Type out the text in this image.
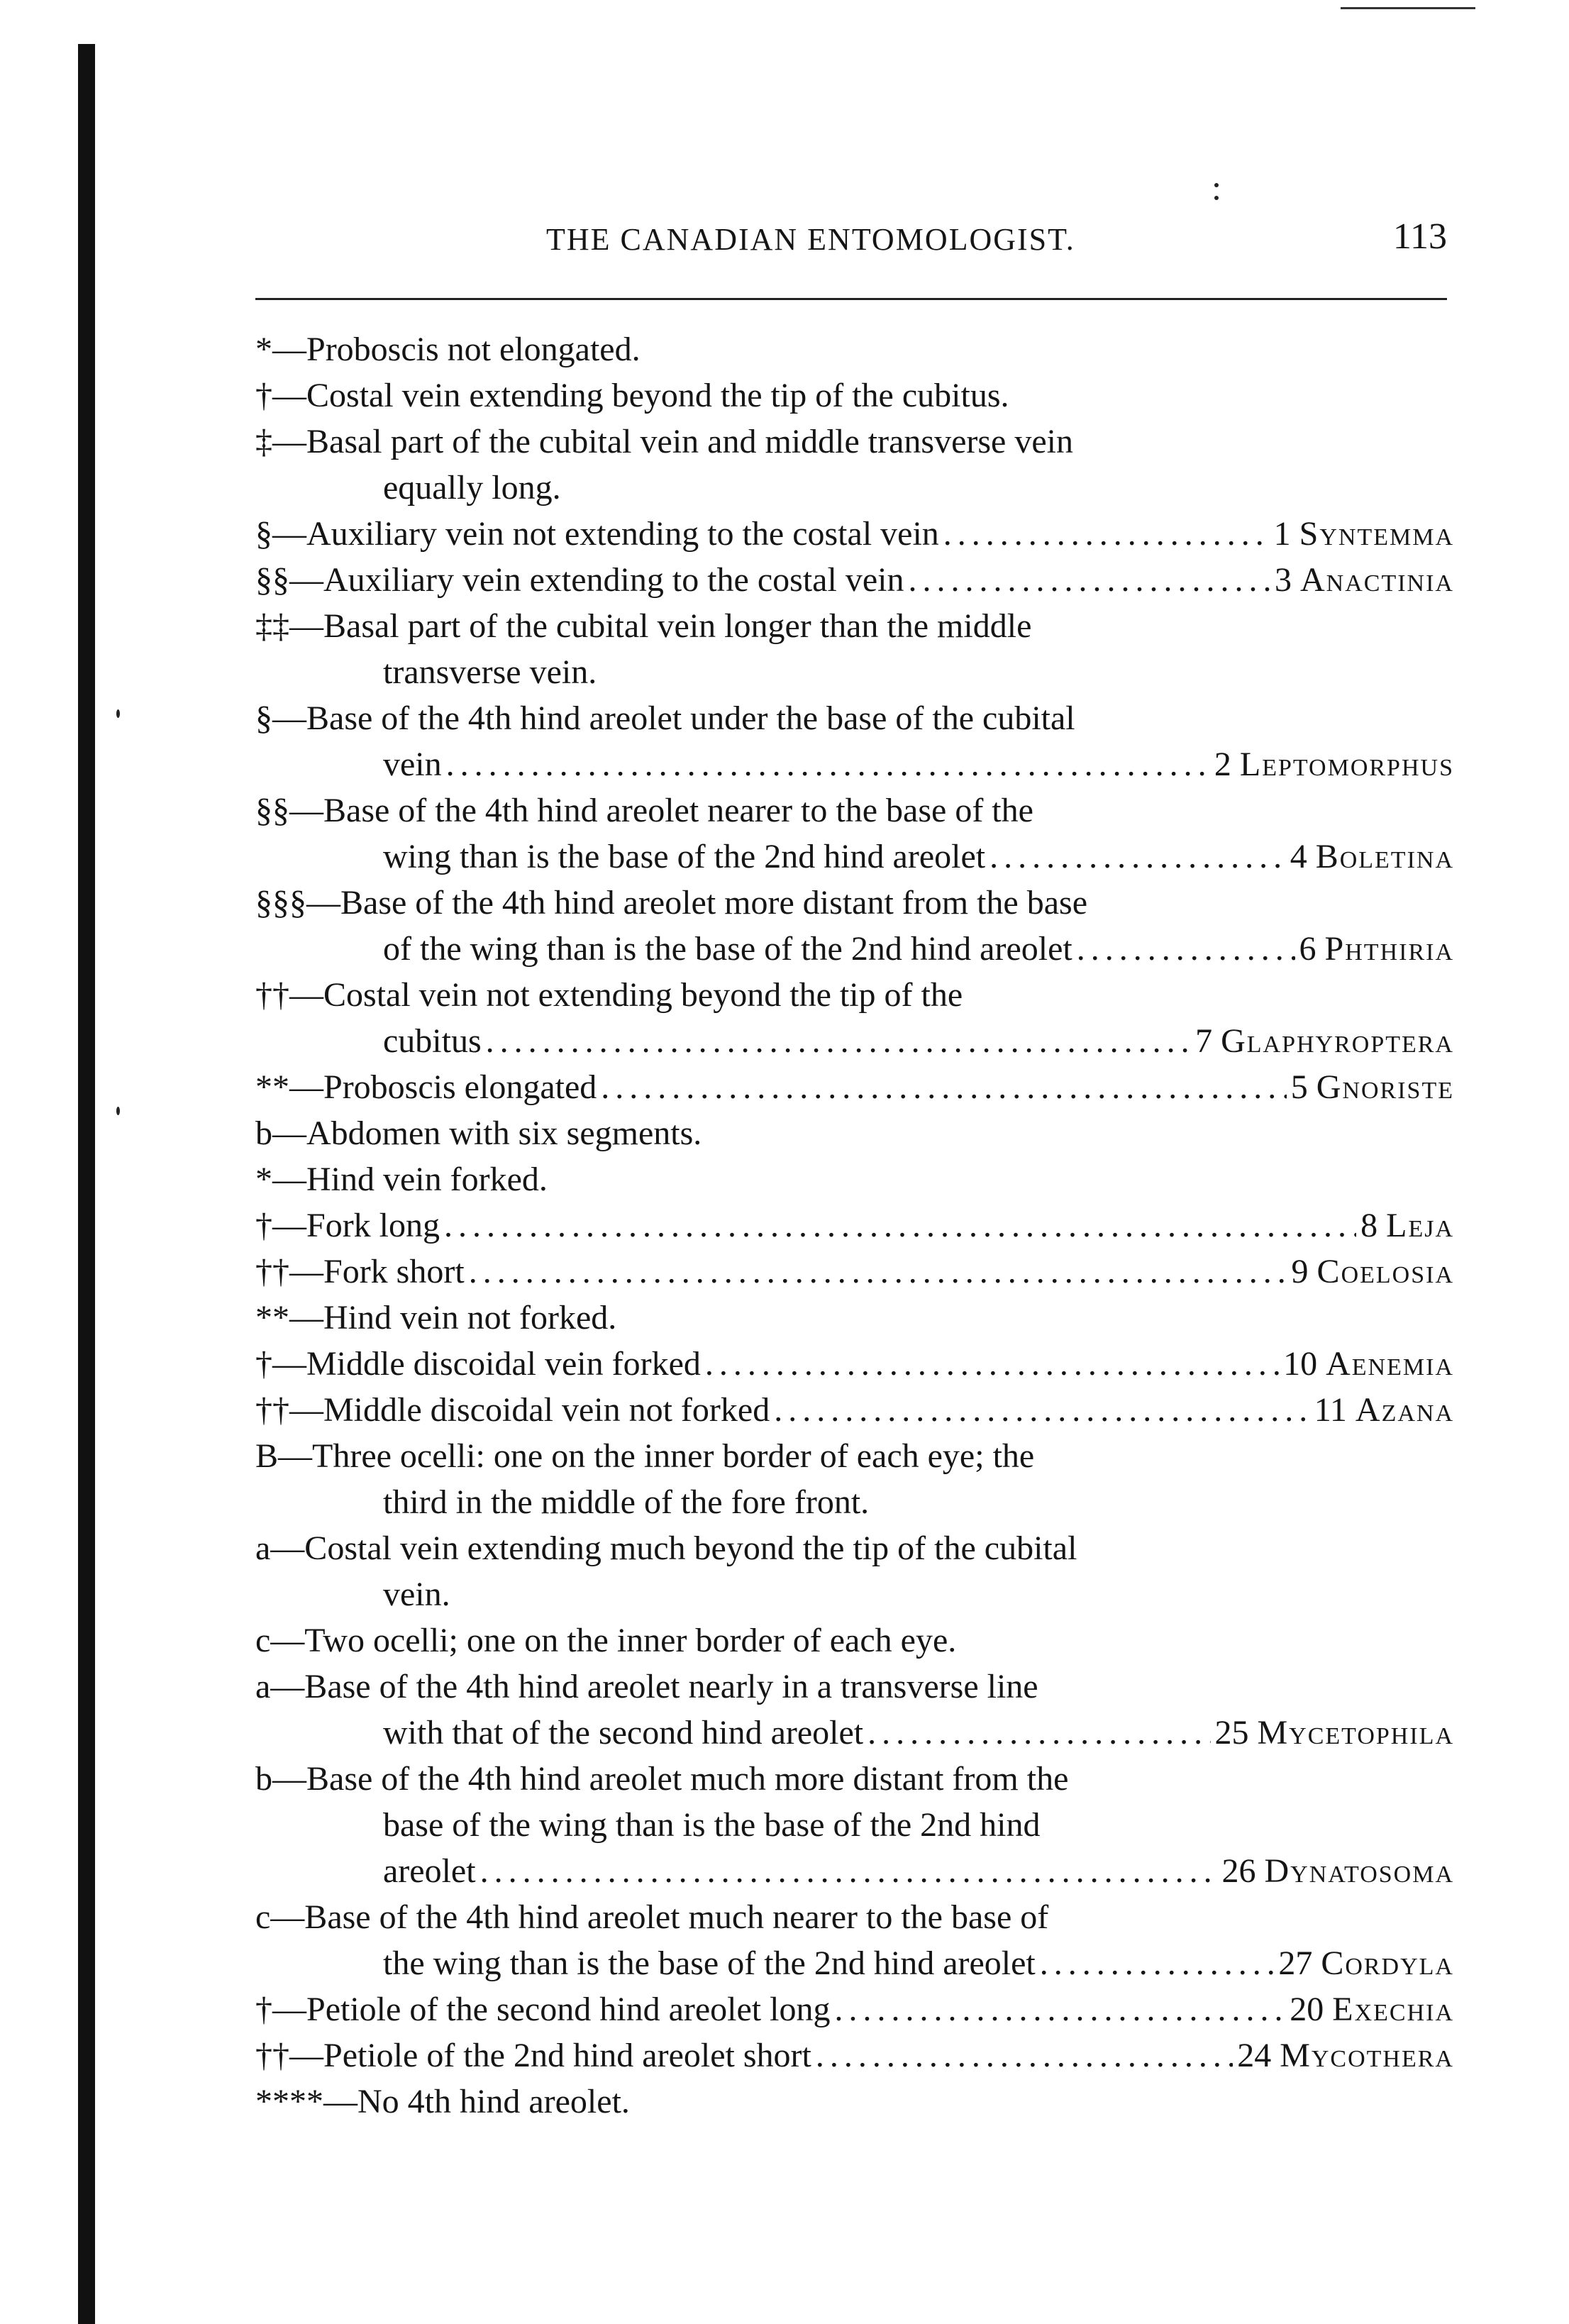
THE CANADIAN ENTOMOLOGIST.	113
*—Proboscis not elongated.
†—Costal vein extending beyond the tip of the cubitus.
‡—Basal part of the cubital vein and middle transverse vein
equally long.
§—Auxiliary vein not extending to the costal vein .....	1 Syntemma
§§—Auxiliary vein extending to the costal vein .....	3 Anactinia
‡‡—Basal part of the cubital vein longer than the middle
transverse vein.
§—Base of the 4th hind areolet under the base of the cubital
vein .....	2 Leptomorphus
§§—Base of the 4th hind areolet nearer to the base of the
wing than is the base of the 2nd hind areolet .....	4 Boletina
§§§—Base of the 4th hind areolet more distant from the base
of the wing than is the base of the 2nd hind areolet .....	6 Phthiria
††—Costal vein not extending beyond the tip of the
cubitus .....	7 Glaphyroptera
**—Proboscis elongated .....	5 Gnoriste
b—Abdomen with six segments.
*—Hind vein forked.
†—Fork long .....	8 Leja
††—Fork short .....	9 Coelosia
**—Hind vein not forked.
†—Middle discoidal vein forked .....	10 Aenemia
††—Middle discoidal vein not forked .....	11 Azana
B—Three ocelli: one on the inner border of each eye; the
third in the middle of the fore front.
a—Costal vein extending much beyond the tip of the cubital
vein.
c—Two ocelli; one on the inner border of each eye.
a—Base of the 4th hind areolet nearly in a transverse line
with that of the second hind areolet .....	25 Mycetophila
b—Base of the 4th hind areolet much more distant from the
base of the wing than is the base of the 2nd hind
areolet .....	26 Dynatosoma
c—Base of the 4th hind areolet much nearer to the base of
the wing than is the base of the 2nd hind areolet .....	27 Cordyla
†—Petiole of the second hind areolet long .....	20 Exechia
††—Petiole of the 2nd hind areolet short .....	24 Mycothera
****—No 4th hind areolet.
